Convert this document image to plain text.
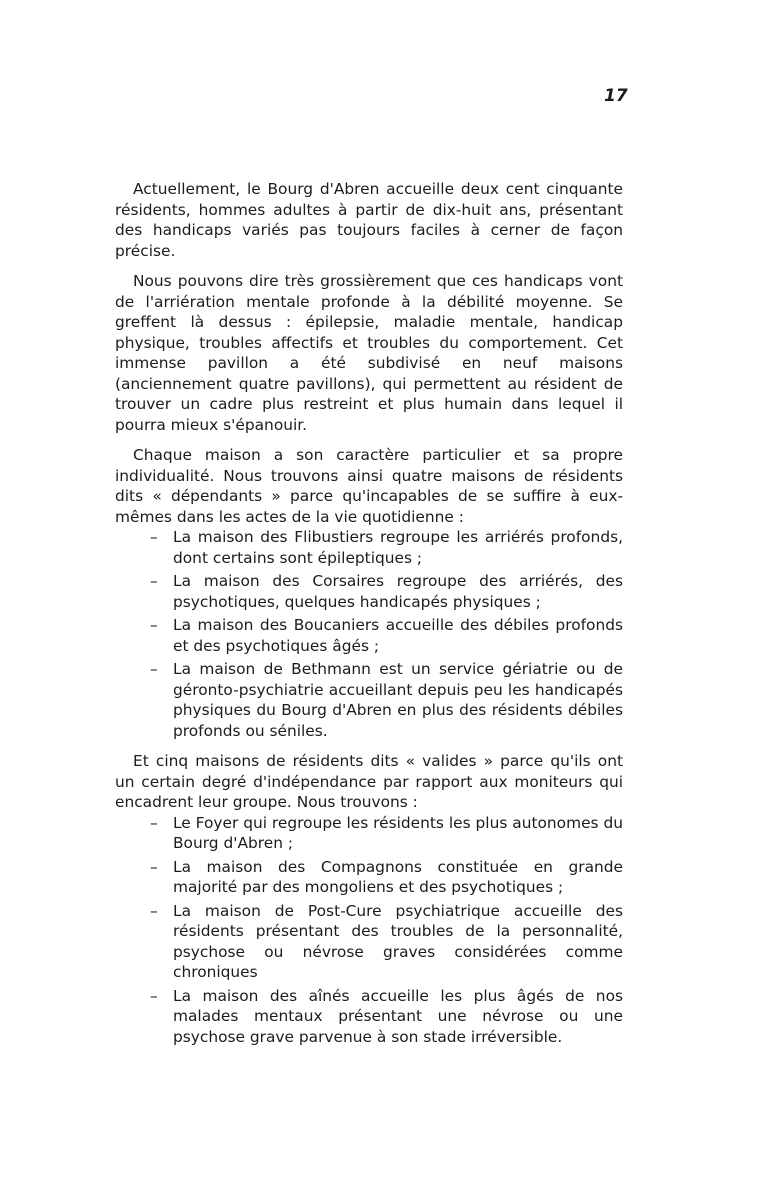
17

Actuellement, le Bourg d'Abren accueille deux cent cinquante résidents, hommes adultes à partir de dix-huit ans, présentant des handicaps variés pas toujours faciles à cerner de façon précise.

Nous pouvons dire très grossièrement que ces handicaps vont de l'arriération mentale profonde à la débilité moyenne. Se greffent là dessus : épilepsie, maladie mentale, handicap physique, troubles affectifs et troubles du comportement. Cet immense pavillon a été subdivisé en neuf maisons (anciennement quatre pavillons), qui permettent au résident de trouver un cadre plus restreint et plus humain dans lequel il pourra mieux s'épanouir.

Chaque maison a son caractère particulier et sa propre individualité. Nous trouvons ainsi quatre maisons de résidents dits « dépendants » parce qu'incapables de se suffire à eux-mêmes dans les actes de la vie quotidienne :

– La maison des Flibustiers regroupe les arriérés profonds, dont certains sont épileptiques ;
– La maison des Corsaires regroupe des arriérés, des psychotiques, quelques handicapés physiques ;
– La maison des Boucaniers accueille des débiles profonds et des psychotiques âgés ;
– La maison de Bethmann est un service gériatrie ou de géronto-psychiatrie accueillant depuis peu les handicapés physiques du Bourg d'Abren en plus des résidents débiles profonds ou séniles.

Et cinq maisons de résidents dits « valides » parce qu'ils ont un certain degré d'indépendance par rapport aux moniteurs qui encadrent leur groupe. Nous trouvons :

– Le Foyer qui regroupe les résidents les plus autonomes du Bourg d'Abren ;
– La maison des Compagnons constituée en grande majorité par des mongoliens et des psychotiques ;
– La maison de Post-Cure psychiatrique accueille des résidents présentant des troubles de la personnalité, psychose ou névrose graves considérées comme chroniques
– La maison des aînés accueille les plus âgés de nos malades mentaux présentant une névrose ou une psychose grave parvenue à son stade irréversible.
